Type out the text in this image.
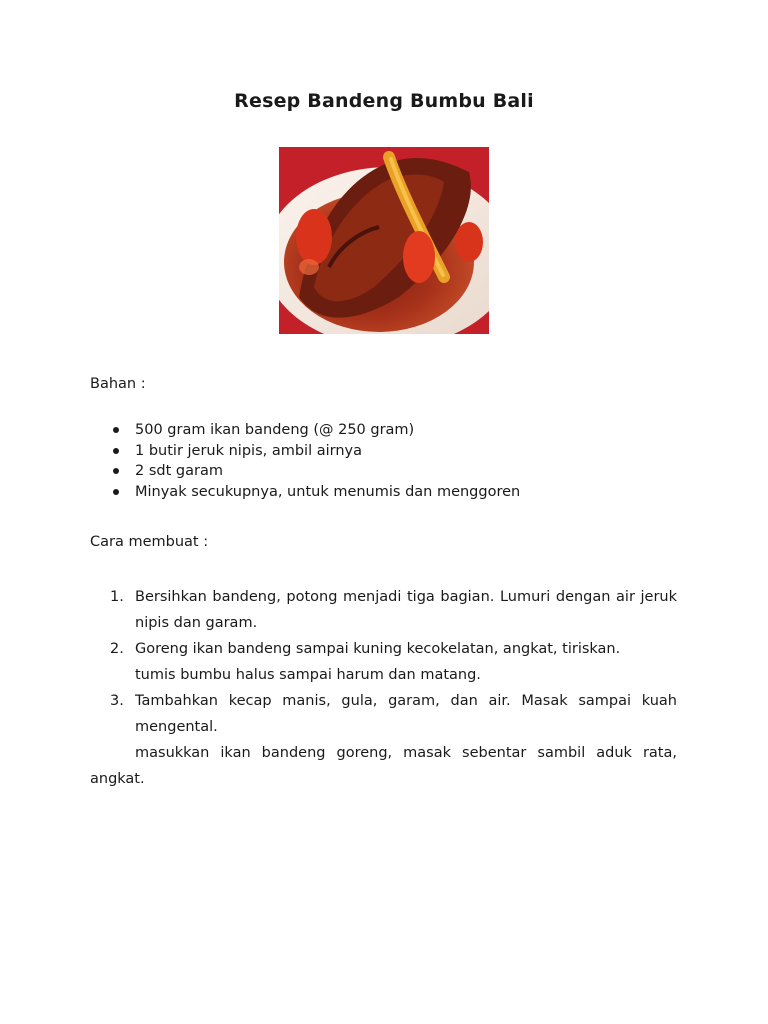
Resep Bandeng Bumbu Bali
Bahan :
500 gram ikan bandeng (@ 250 gram)
1 butir jeruk nipis, ambil airnya
2 sdt garam
Minyak secukupnya, untuk menumis dan menggoren
Cara membuat :
1. Bersihkan bandeng, potong menjadi tiga bagian. Lumuri dengan air jeruk nipis dan garam.
2. Goreng ikan bandeng sampai kuning kecokelatan, angkat, tiriskan.
tumis bumbu halus sampai harum dan matang.
3. Tambahkan kecap manis, gula, garam, dan air. Masak sampai kuah mengental.
masukkan ikan bandeng goreng, masak sebentar sambil aduk rata, angkat.
